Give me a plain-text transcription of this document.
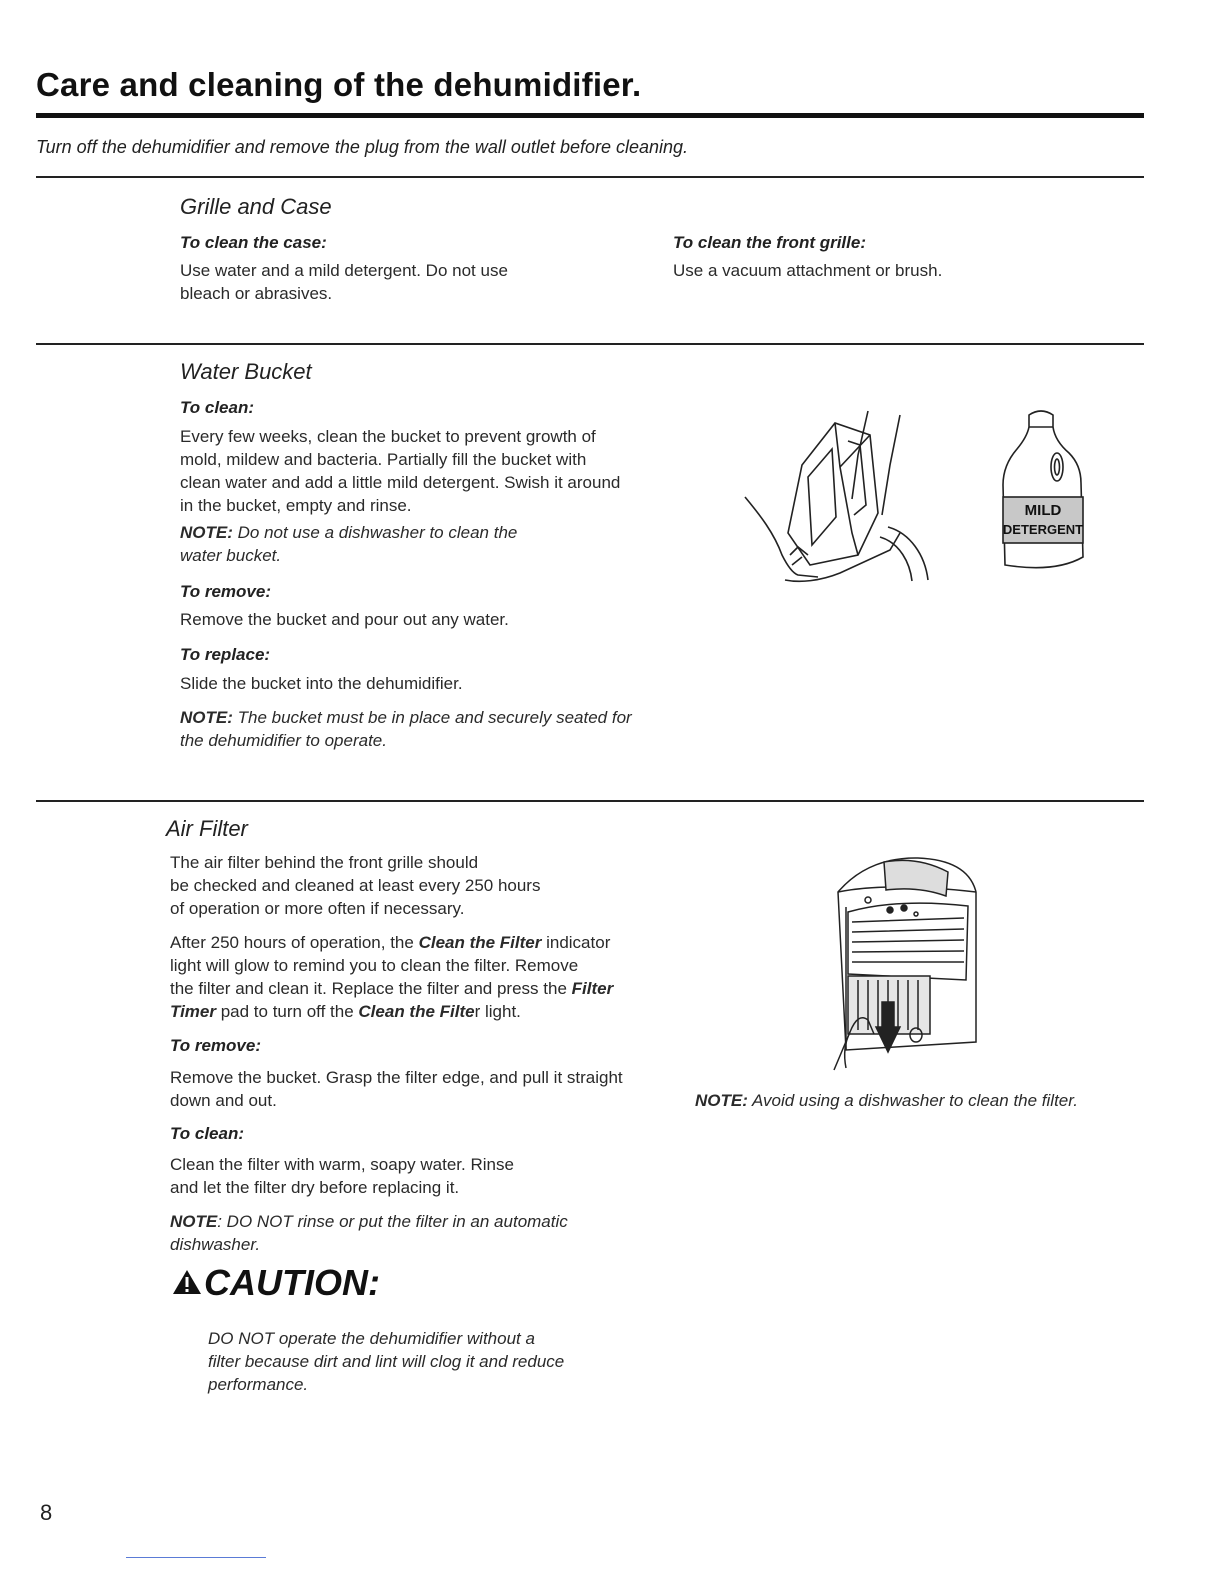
Care and cleaning of the dehumidifier.
Turn off the dehumidifier and remove the plug from the wall outlet before cleaning.
Grille and Case
To clean the case:
Use water and a mild detergent. Do not use
bleach or abrasives.
To clean the front grille:
Use a vacuum attachment or brush.
Water Bucket
To clean:
Every few weeks, clean the bucket to prevent growth of
mold, mildew and bacteria. Partially fill the bucket with
clean water and add a little mild detergent. Swish it around
in the bucket, empty and rinse.
NOTE: Do not use a dishwasher to clean the
water bucket.
To remove:
Remove the bucket and pour out any water.
To replace:
Slide the bucket into the dehumidifier.
NOTE: The bucket must be in place and securely seated for
the dehumidifier to operate.
MILD
DETERGENT
Air Filter
The air filter behind the front grille should
be checked and cleaned at least every 250 hours
of operation or more often if necessary.
After 250 hours of operation, the Clean the Filter indicator
light will glow to remind you to clean the filter. Remove
the filter and clean it. Replace the filter and press the Filter
Timer pad to turn off the Clean the Filter light.
To remove:
Remove the bucket. Grasp the filter edge, and pull it straight
down and out.
To clean:
Clean the filter with warm, soapy water. Rinse
and let the filter dry before replacing it.
NOTE: DO NOT rinse or put the filter in an automatic
dishwasher.
NOTE: Avoid using a dishwasher to clean the filter.
CAUTION:
DO NOT operate the dehumidifier without a
filter because dirt and lint will clog it and reduce
performance.
8
